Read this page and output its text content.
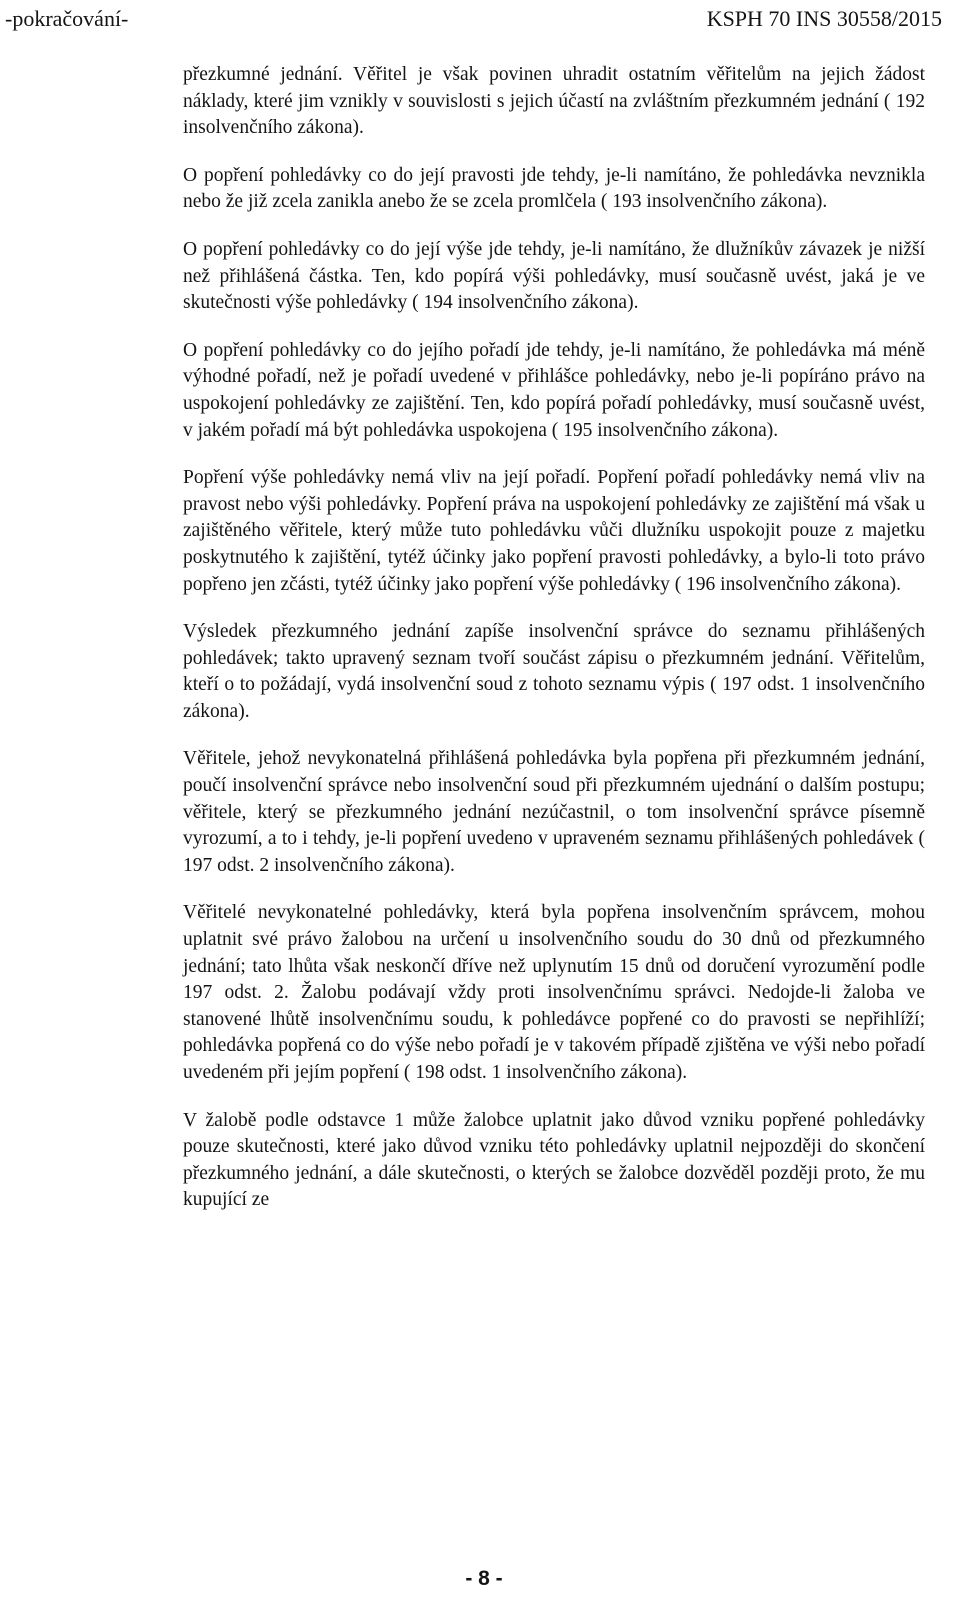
-pokračování-	KSPH 70 INS 30558/2015

přezkumné jednání. Věřitel je však povinen uhradit ostatním věřitelům na jejich žádost náklady, které jim vznikly v souvislosti s jejich účastí na zvláštním přezkumném jednání ( 192 insolvenčního zákona).

O popření pohledávky co do její pravosti jde tehdy, je-li namítáno, že pohledávka nevznikla nebo že již zcela zanikla anebo že se zcela promlčela ( 193 insolvenčního zákona).

O popření pohledávky co do její výše jde tehdy, je-li namítáno, že dlužníkův závazek je nižší než přihlášená částka. Ten, kdo popírá výši pohledávky, musí současně uvést, jaká je ve skutečnosti výše pohledávky ( 194 insolvenčního zákona).

O popření pohledávky co do jejího pořadí jde tehdy, je-li namítáno, že pohledávka má méně výhodné pořadí, než je pořadí uvedené v přihlášce pohledávky, nebo je-li popíráno právo na uspokojení pohledávky ze zajištění. Ten, kdo popírá pořadí pohledávky, musí současně uvést, v jakém pořadí má být pohledávka uspokojena ( 195 insolvenčního zákona).

Popření výše pohledávky nemá vliv na její pořadí. Popření pořadí pohledávky nemá vliv na pravost nebo výši pohledávky. Popření práva na uspokojení pohledávky ze zajištění má však u zajištěného věřitele, který může tuto pohledávku vůči dlužníku uspokojit pouze z majetku poskytnutého k zajištění, tytéž účinky jako popření pravosti pohledávky, a bylo-li toto právo popřeno jen zčásti, tytéž účinky jako popření výše pohledávky ( 196 insolvenčního zákona).

Výsledek přezkumného jednání zapíše insolvenční správce do seznamu přihlášených pohledávek; takto upravený seznam tvoří součást zápisu o přezkumném jednání. Věřitelům, kteří o to požádají, vydá insolvenční soud z tohoto seznamu výpis ( 197 odst. 1 insolvenčního zákona).

Věřitele, jehož nevykonatelná přihlášená pohledávka byla popřena při přezkumném jednání, poučí insolvenční správce nebo insolvenční soud při přezkumném ujednání o dalším postupu; věřitele, který se přezkumného jednání nezúčastnil, o tom insolvenční správce písemně vyrozumí, a to i tehdy, je-li popření uvedeno v upraveném seznamu přihlášených pohledávek ( 197 odst. 2 insolvenčního zákona).

Věřitelé nevykonatelné pohledávky, která byla popřena insolvenčním správcem, mohou uplatnit své právo žalobou na určení u insolvenčního soudu do 30 dnů od přezkumného jednání; tato lhůta však neskončí dříve než uplynutím 15 dnů od doručení vyrozumění podle 197 odst. 2. Žalobu podávají vždy proti insolvenčnímu správci. Nedojde-li žaloba ve stanovené lhůtě insolvenčnímu soudu, k pohledávce popřené co do pravosti se nepřihlíží; pohledávka popřená co do výše nebo pořadí je v takovém případě zjištěna ve výši nebo pořadí uvedeném při jejím popření ( 198 odst. 1 insolvenčního zákona).

V žalobě podle odstavce 1 může žalobce uplatnit jako důvod vzniku popřené pohledávky pouze skutečnosti, které jako důvod vzniku této pohledávky uplatnil nejpozději do skončení přezkumného jednání, a dále skutečnosti, o kterých se žalobce dozvěděl později proto, že mu kupující ze

- 8 -
